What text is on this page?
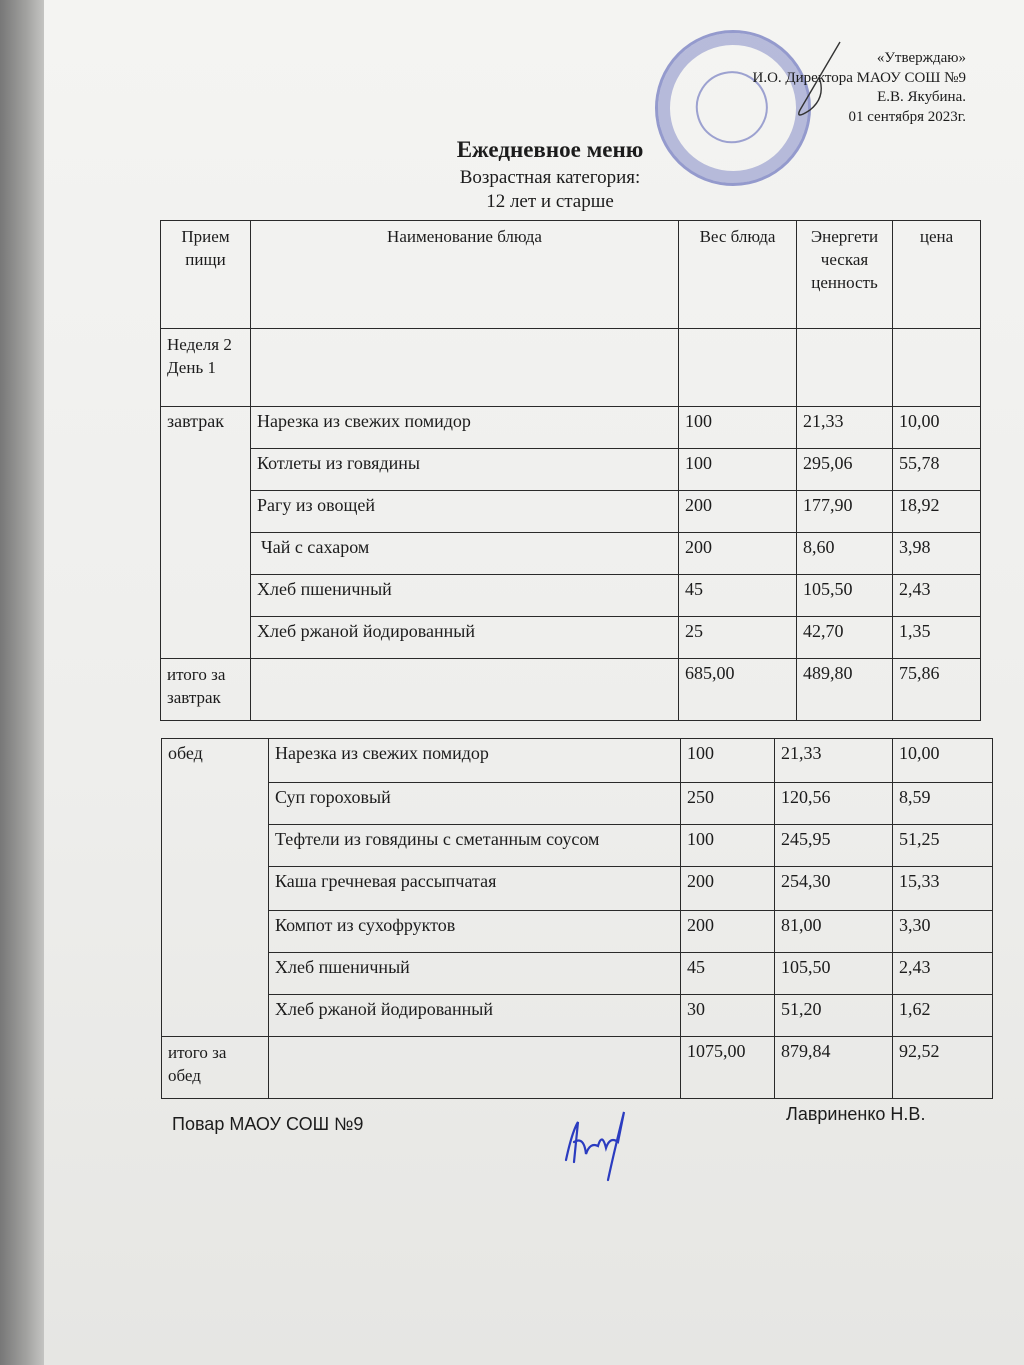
«Утверждаю»
И.О. Директора МАОУ СОШ №9
Е.В. Якубина.
01 сентября 2023г.
Ежедневное меню
Возрастная категория:
12 лет и старше
Прием пищи	Наименование блюда	Вес блюда	Энергети ческая ценность	цена
Неделя 2 День 1				
завтрак	Нарезка из свежих помидор	100	21,33	10,00
	Котлеты из говядины	100	295,06	55,78
	Рагу из овощей	200	177,90	18,92
	Чай с сахаром	200	8,60	3,98
	Хлеб пшеничный	45	105,50	2,43
	Хлеб ржаной йодированный	25	42,70	1,35
итого за завтрак		685,00	489,80	75,86
обед	Нарезка из свежих помидор	100	21,33	10,00
	Суп гороховый	250	120,56	8,59
	Тефтели из говядины с сметанным соусом	100	245,95	51,25
	Каша гречневая рассыпчатая	200	254,30	15,33
	Компот из сухофруктов	200	81,00	3,30
	Хлеб пшеничный	45	105,50	2,43
	Хлеб ржаной йодированный	30	51,20	1,62
итого за обед		1075,00	879,84	92,52
Повар МАОУ СОШ №9	Лавриненко Н.В.
